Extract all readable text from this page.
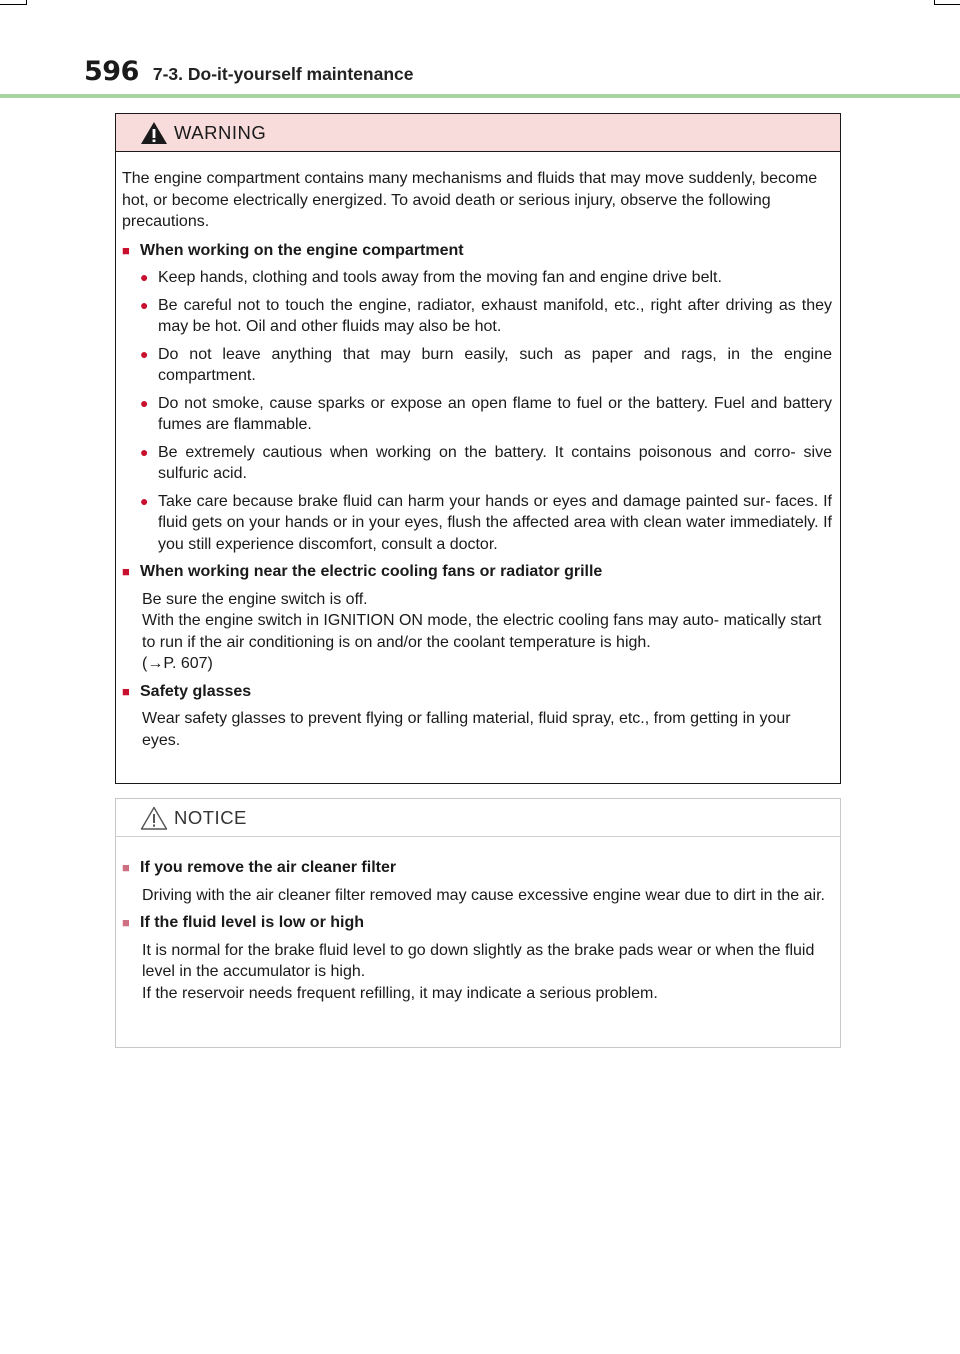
596 7-3. Do-it-yourself maintenance
WARNING

The engine compartment contains many mechanisms and fluids that may move suddenly, become hot, or become electrically energized. To avoid death or serious injury, observe the following precautions.

■ When working on the engine compartment
● Keep hands, clothing and tools away from the moving fan and engine drive belt.
● Be careful not to touch the engine, radiator, exhaust manifold, etc., right after driving as they may be hot. Oil and other fluids may also be hot.
● Do not leave anything that may burn easily, such as paper and rags, in the engine compartment.
● Do not smoke, cause sparks or expose an open flame to fuel or the battery. Fuel and battery fumes are flammable.
● Be extremely cautious when working on the battery. It contains poisonous and corro- sive sulfuric acid.
● Take care because brake fluid can harm your hands or eyes and damage painted sur- faces. If fluid gets on your hands or in your eyes, flush the affected area with clean water immediately. If you still experience discomfort, consult a doctor.
■ When working near the electric cooling fans or radiator grille

Be sure the engine switch is off.

With the engine switch in IGNITION ON mode, the electric cooling fans may auto- matically start to run if the air conditioning is on and/or the coolant temperature is high.

(→P. 607)

■ Safety glasses

Wear safety glasses to prevent flying or falling material, fluid spray, etc., from getting in your eyes.

NOTICE
■ If you remove the air cleaner filter

Driving with the air cleaner filter removed may cause excessive engine wear due to dirt in the air.

■ If the fluid level is low or high

It is normal for the brake fluid level to go down slightly as the brake pads wear or when the fluid level in the accumulator is high.

If the reservoir needs frequent refilling, it may indicate a serious problem.
